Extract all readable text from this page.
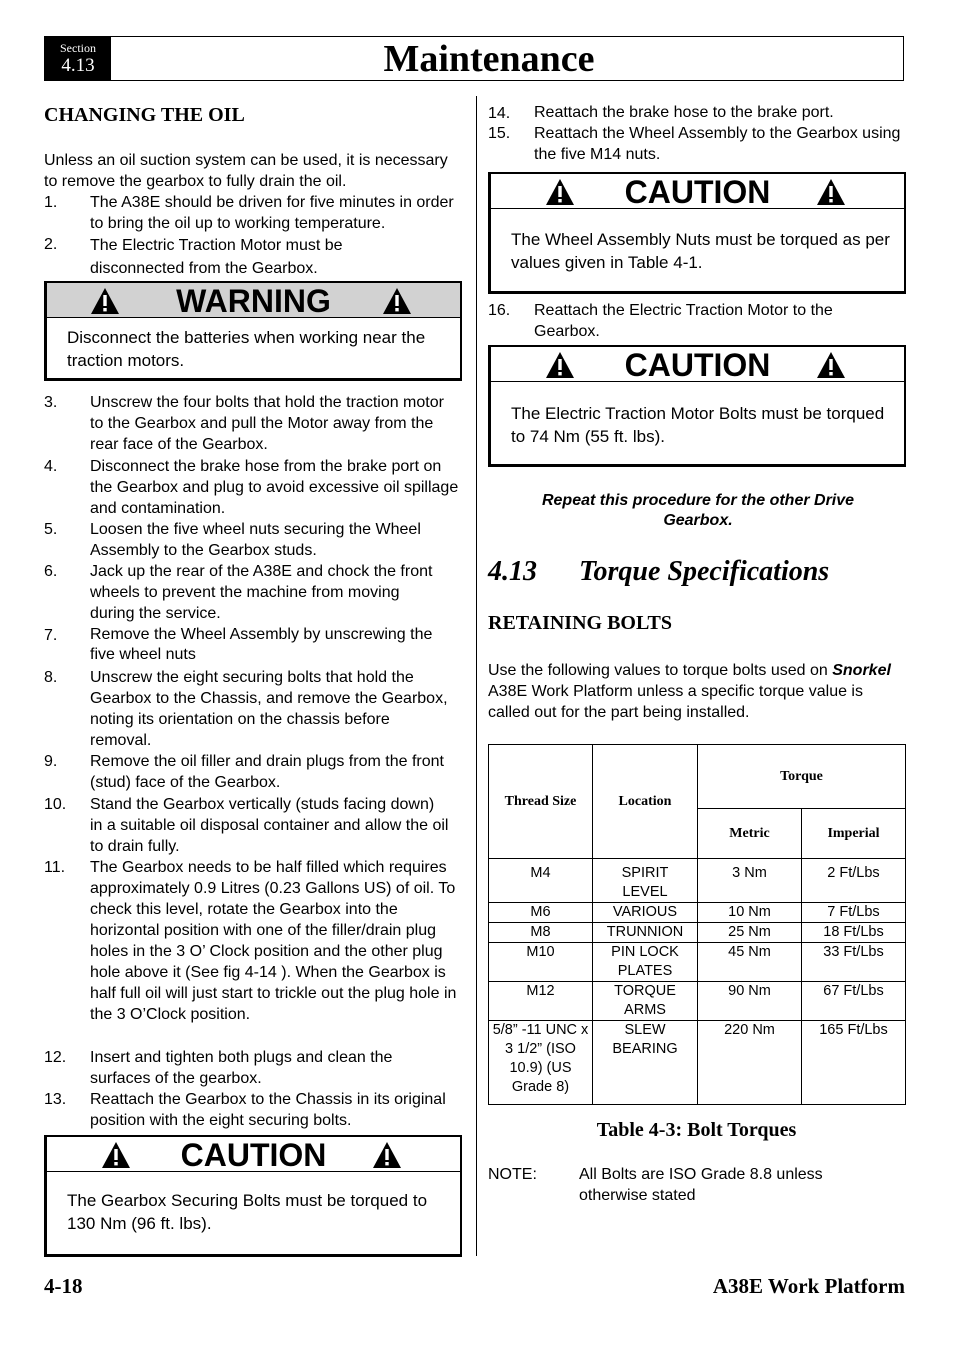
Section
4.13	Maintenance
CHANGING THE OIL

Unless an oil suction system can be used, it is necessary to remove the gearbox to fully drain the oil.

1. The A38E should be driven for five minutes in order to bring the oil up to working temperature.
2. The Electric Traction Motor must be disconnected from the Gearbox.
WARNING
Disconnect the batteries when working near the traction motors.
3. Unscrew the four bolts that hold the traction motor to the Gearbox and pull the Motor away from the rear face of the Gearbox.
4. Disconnect the brake hose from the brake port on the Gearbox and plug to avoid excessive oil spillage and contamination.
5. Loosen the five wheel nuts securing the Wheel Assembly to the Gearbox studs.
6. Jack up the rear of the A38E and chock the front wheels to prevent the machine from moving during the service.
7. Remove the Wheel Assembly by unscrewing the five wheel nuts
8. Unscrew the eight securing bolts that hold the Gearbox to the Chassis, and remove the Gearbox, noting its orientation on the chassis before removal.
9. Remove the oil filler and drain plugs from the front (stud) face of the Gearbox.
10. Stand the Gearbox vertically (studs facing down) in a suitable oil disposal container and allow the oil to drain fully.
11. The Gearbox needs to be half filled which requires approximately 0.9 Litres (0.23 Gallons US) of oil. To check this level, rotate the Gearbox into the horizontal position with one of the filler/drain plug holes in the 3 O’ Clock position and the other plug hole above it (See fig 4-14 ). When the Gearbox is half full oil will just start to trickle out the plug hole in the 3 O’Clock position.
12. Insert and tighten both plugs and clean the surfaces of the gearbox.
13. Reattach the Gearbox to the Chassis in its original position with the eight securing bolts.
CAUTION
The Gearbox Securing Bolts must be torqued to 130 Nm (96 ft. lbs).
14. Reattach the brake hose to the brake port.
15. Reattach the Wheel Assembly to the Gearbox using the five M14 nuts.
CAUTION
The Wheel Assembly Nuts must be torqued as per values given in Table 4-1.
16. Reattach the Electric Traction Motor to the Gearbox.
CAUTION
The Electric Traction Motor Bolts must be torqued to 74 Nm (55 ft. lbs).
Repeat this procedure for the other Drive Gearbox.
4.13 Torque Specifications
RETAINING BOLTS

Use the following values to torque bolts used on Snorkel A38E Work Platform unless a specific torque value is called out for the part being installed.

Thread Size	Location	Torque	
		Metric	Imperial
M4	SPIRIT LEVEL	3 Nm	2 Ft/Lbs
M6	VARIOUS	10 Nm	7 Ft/Lbs
M8	TRUNNION	25 Nm	18 Ft/Lbs
M10	PIN LOCK PLATES	45 Nm	33 Ft/Lbs
M12	TORQUE ARMS	90 Nm	67 Ft/Lbs
5/8” -11 UNC x 3 1/2” (ISO 10.9) (US Grade 8)	SLEW BEARING	220 Nm	165 Ft/Lbs
Table 4-3: Bolt Torques
NOTE:	All Bolts are ISO Grade 8.8 unless otherwise stated
4-18	A38E Work Platform
